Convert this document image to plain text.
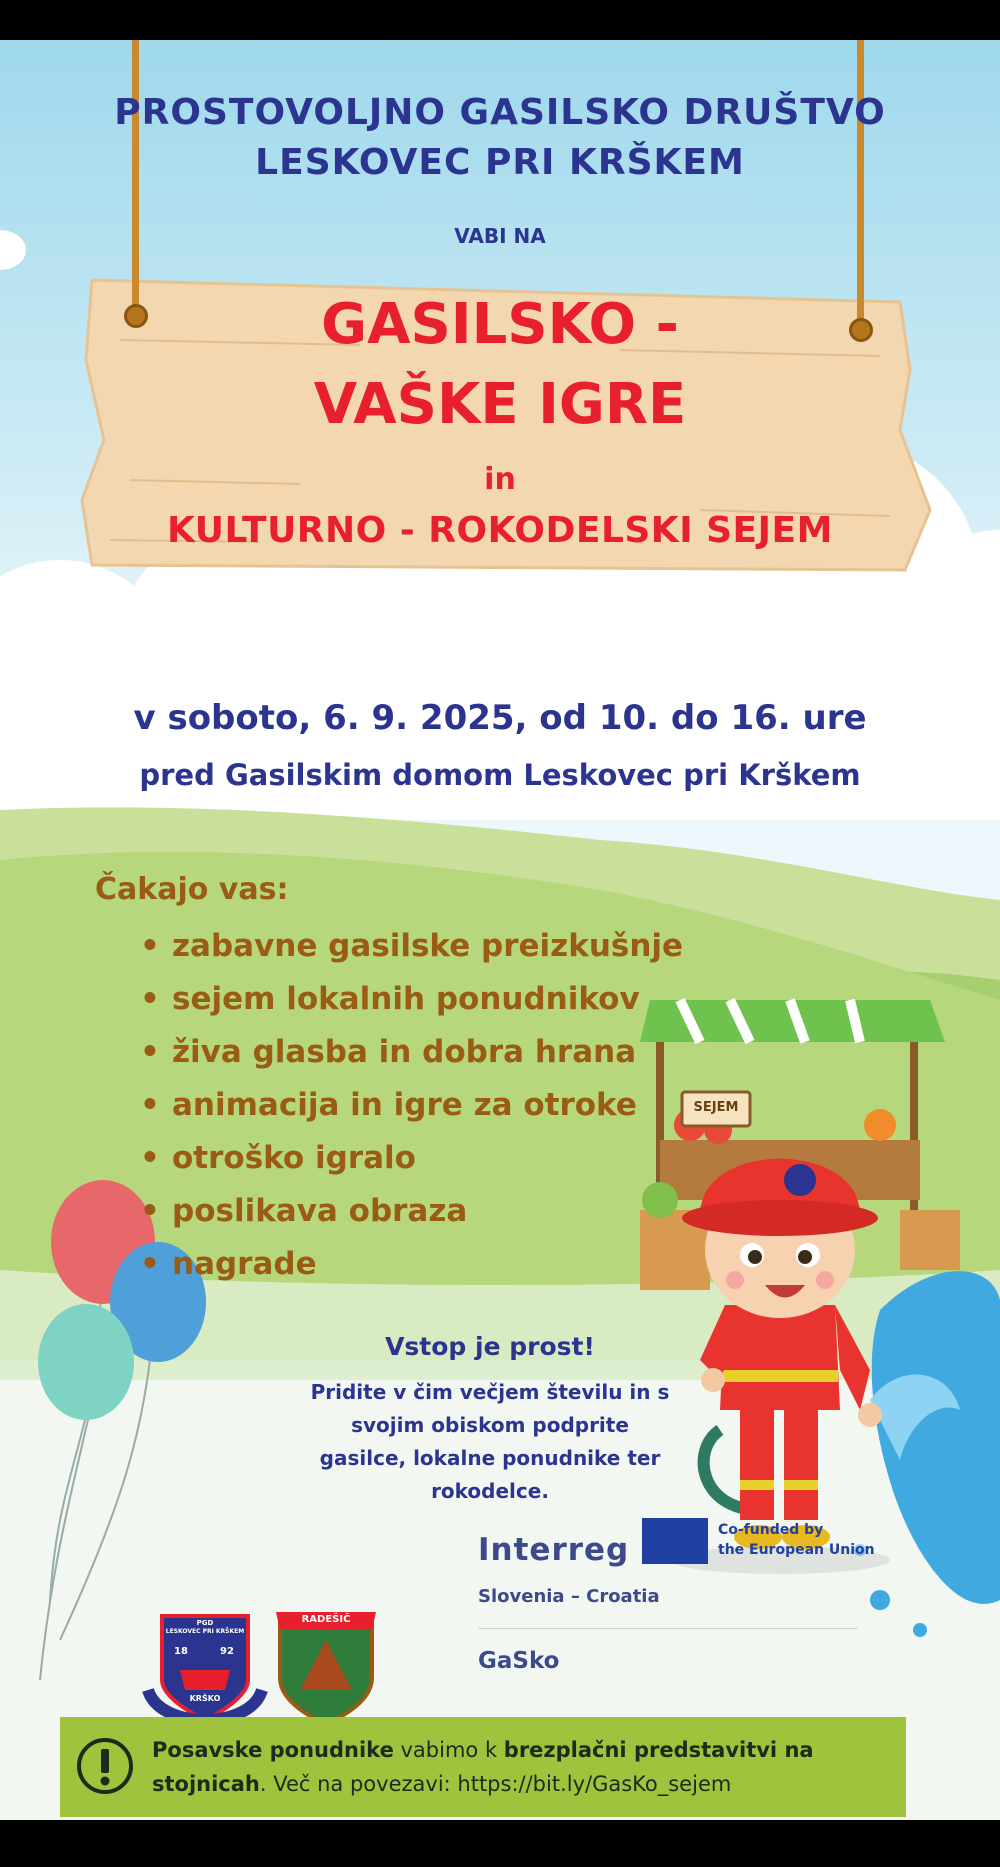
PROSTOVOLJNO GASILSKO DRUŠTVO
LESKOVEC PRI KRŠKEM
VABI NA
GASILSKO -
VAŠKE IGRE
in
KULTURNO - ROKODELSKI SEJEM
v soboto, 6. 9. 2025, od 10. do 16. ure
pred Gasilskim domom Leskovec pri Krškem
Čakajo vas:
• zabavne gasilske preizkušnje
• sejem lokalnih ponudnikov
• živa glasba in dobra hrana
• animacija in igre za otroke
• otroško igralo
• poslikava obraza
• nagrade
SEJEM
Vstop je prost!
Pridite v čim večjem številu in s
svojim obiskom podprite
gasilce, lokalne ponudnike ter
rokodelce.
PGD
LESKOVEC PRI KRŠKEM
18	92
KRŠKO
RADEŠIČ
Interreg
Co-funded by
the European Union
Slovenia – Croatia
GaSko
Posavske ponudnike vabimo k brezplačni predstavitvi na stojnicah. Več na povezavi: https://bit.ly/GasKo_sejem
